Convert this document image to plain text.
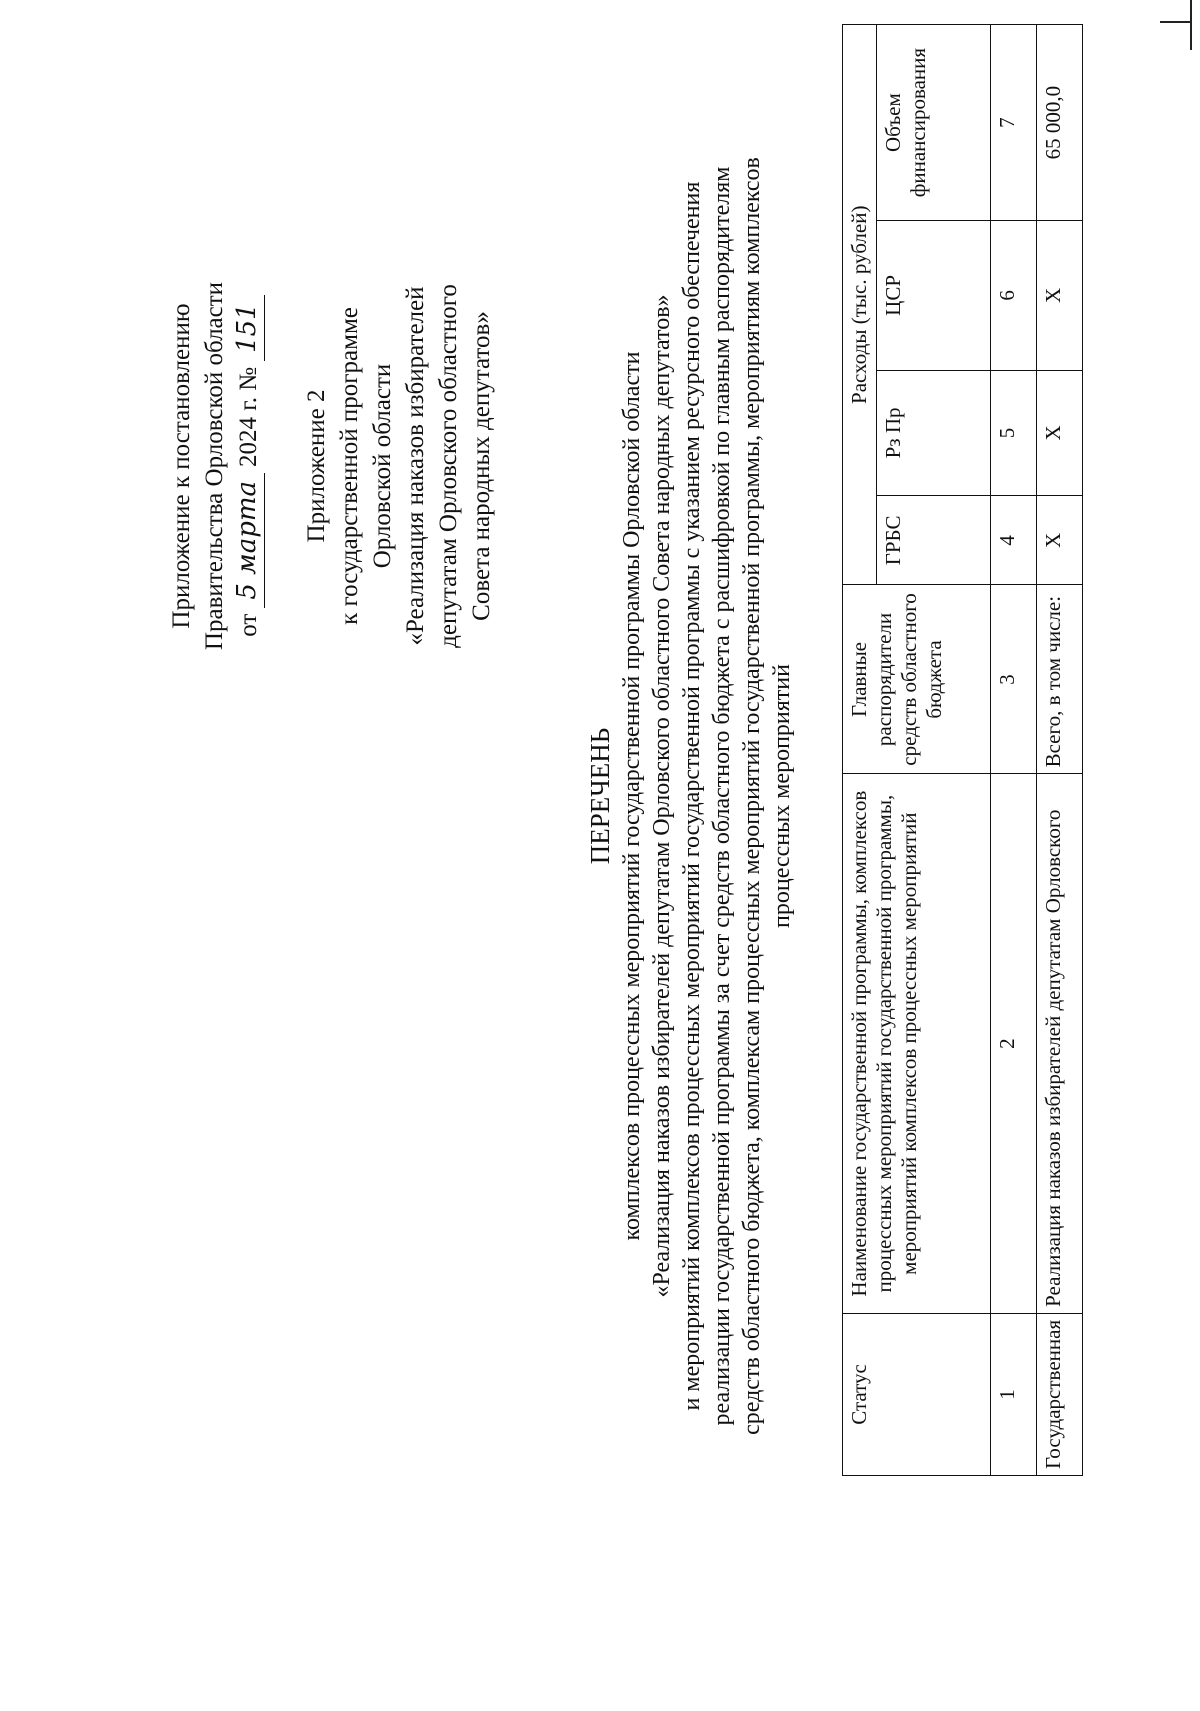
Приложение к постановлению Правительства Орловской области от
5 марта
2024 г. №
151
Приложение 2 к государственной программе Орловской области «Реализация наказов избирателей депутатам Орловского областного Совета народных депутатов»
ПЕРЕЧЕНЬ комплексов процессных мероприятий государственной программы Орловской области «Реализация наказов избирателей депутатам Орловского областного Совета народных депутатов» и мероприятий комплексов процессных мероприятий государственной программы с указанием ресурсного обеспечения реализации государственной программы за счет средств областного бюджета с расшифровкой по главным распорядителям средств областного бюджета, комплексам процессных мероприятий государственной программы, мероприятиям комплексов процессных мероприятий
Статус	Наименование государственной программы, комплексов процессных мероприятий государственной программы, мероприятий комплексов процессных мероприятий	Главные распорядители средств областного бюджета	Расходы (тыс. рублей)			
			ГРБС	Рз Пр	ЦСР	Объем финансирования
1	2	3	4	5	6	7
Государственная	Реализация наказов избирателей депутатам Орловского	Всего, в том числе:	Х	Х	Х	65 000,0
